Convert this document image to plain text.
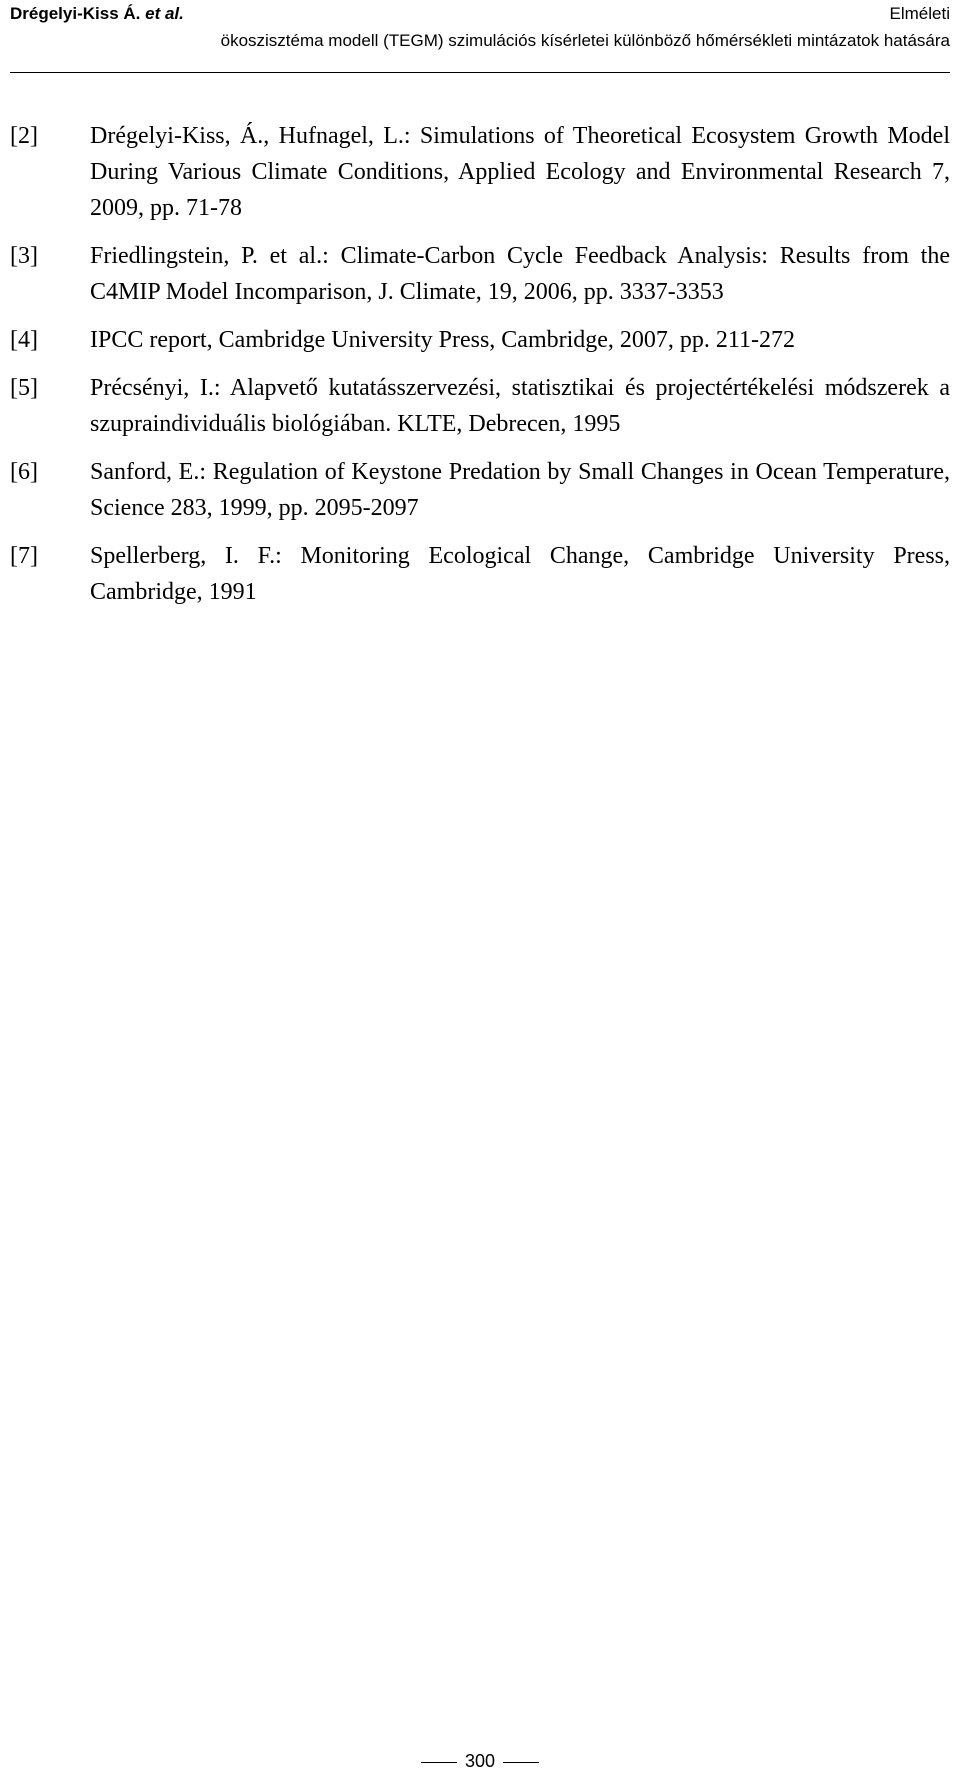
Drégelyi-Kiss Á. et al.	Elméleti
ökoszisztéma modell (TEGM) szimulációs kísérletei különböző hőmérsékleti mintázatok hatására
[2]	Drégelyi-Kiss, Á., Hufnagel, L.: Simulations of Theoretical Ecosystem Growth Model During Various Climate Conditions, Applied Ecology and Environmental Research 7, 2009, pp. 71-78
[3]	Friedlingstein, P. et al.: Climate-Carbon Cycle Feedback Analysis: Results from the C4MIP Model Incomparison, J. Climate, 19, 2006, pp. 3337-3353
[4]	IPCC report, Cambridge University Press, Cambridge, 2007, pp. 211-272
[5]	Précsényi, I.: Alapvető kutatásszervezési, statisztikai és projectértékelési módszerek a szupraindividuális biológiában. KLTE, Debrecen, 1995
[6]	Sanford, E.: Regulation of Keystone Predation by Small Changes in Ocean Temperature, Science 283, 1999, pp. 2095-2097
[7]	Spellerberg, I. F.: Monitoring Ecological Change, Cambridge University Press, Cambridge, 1991
300
